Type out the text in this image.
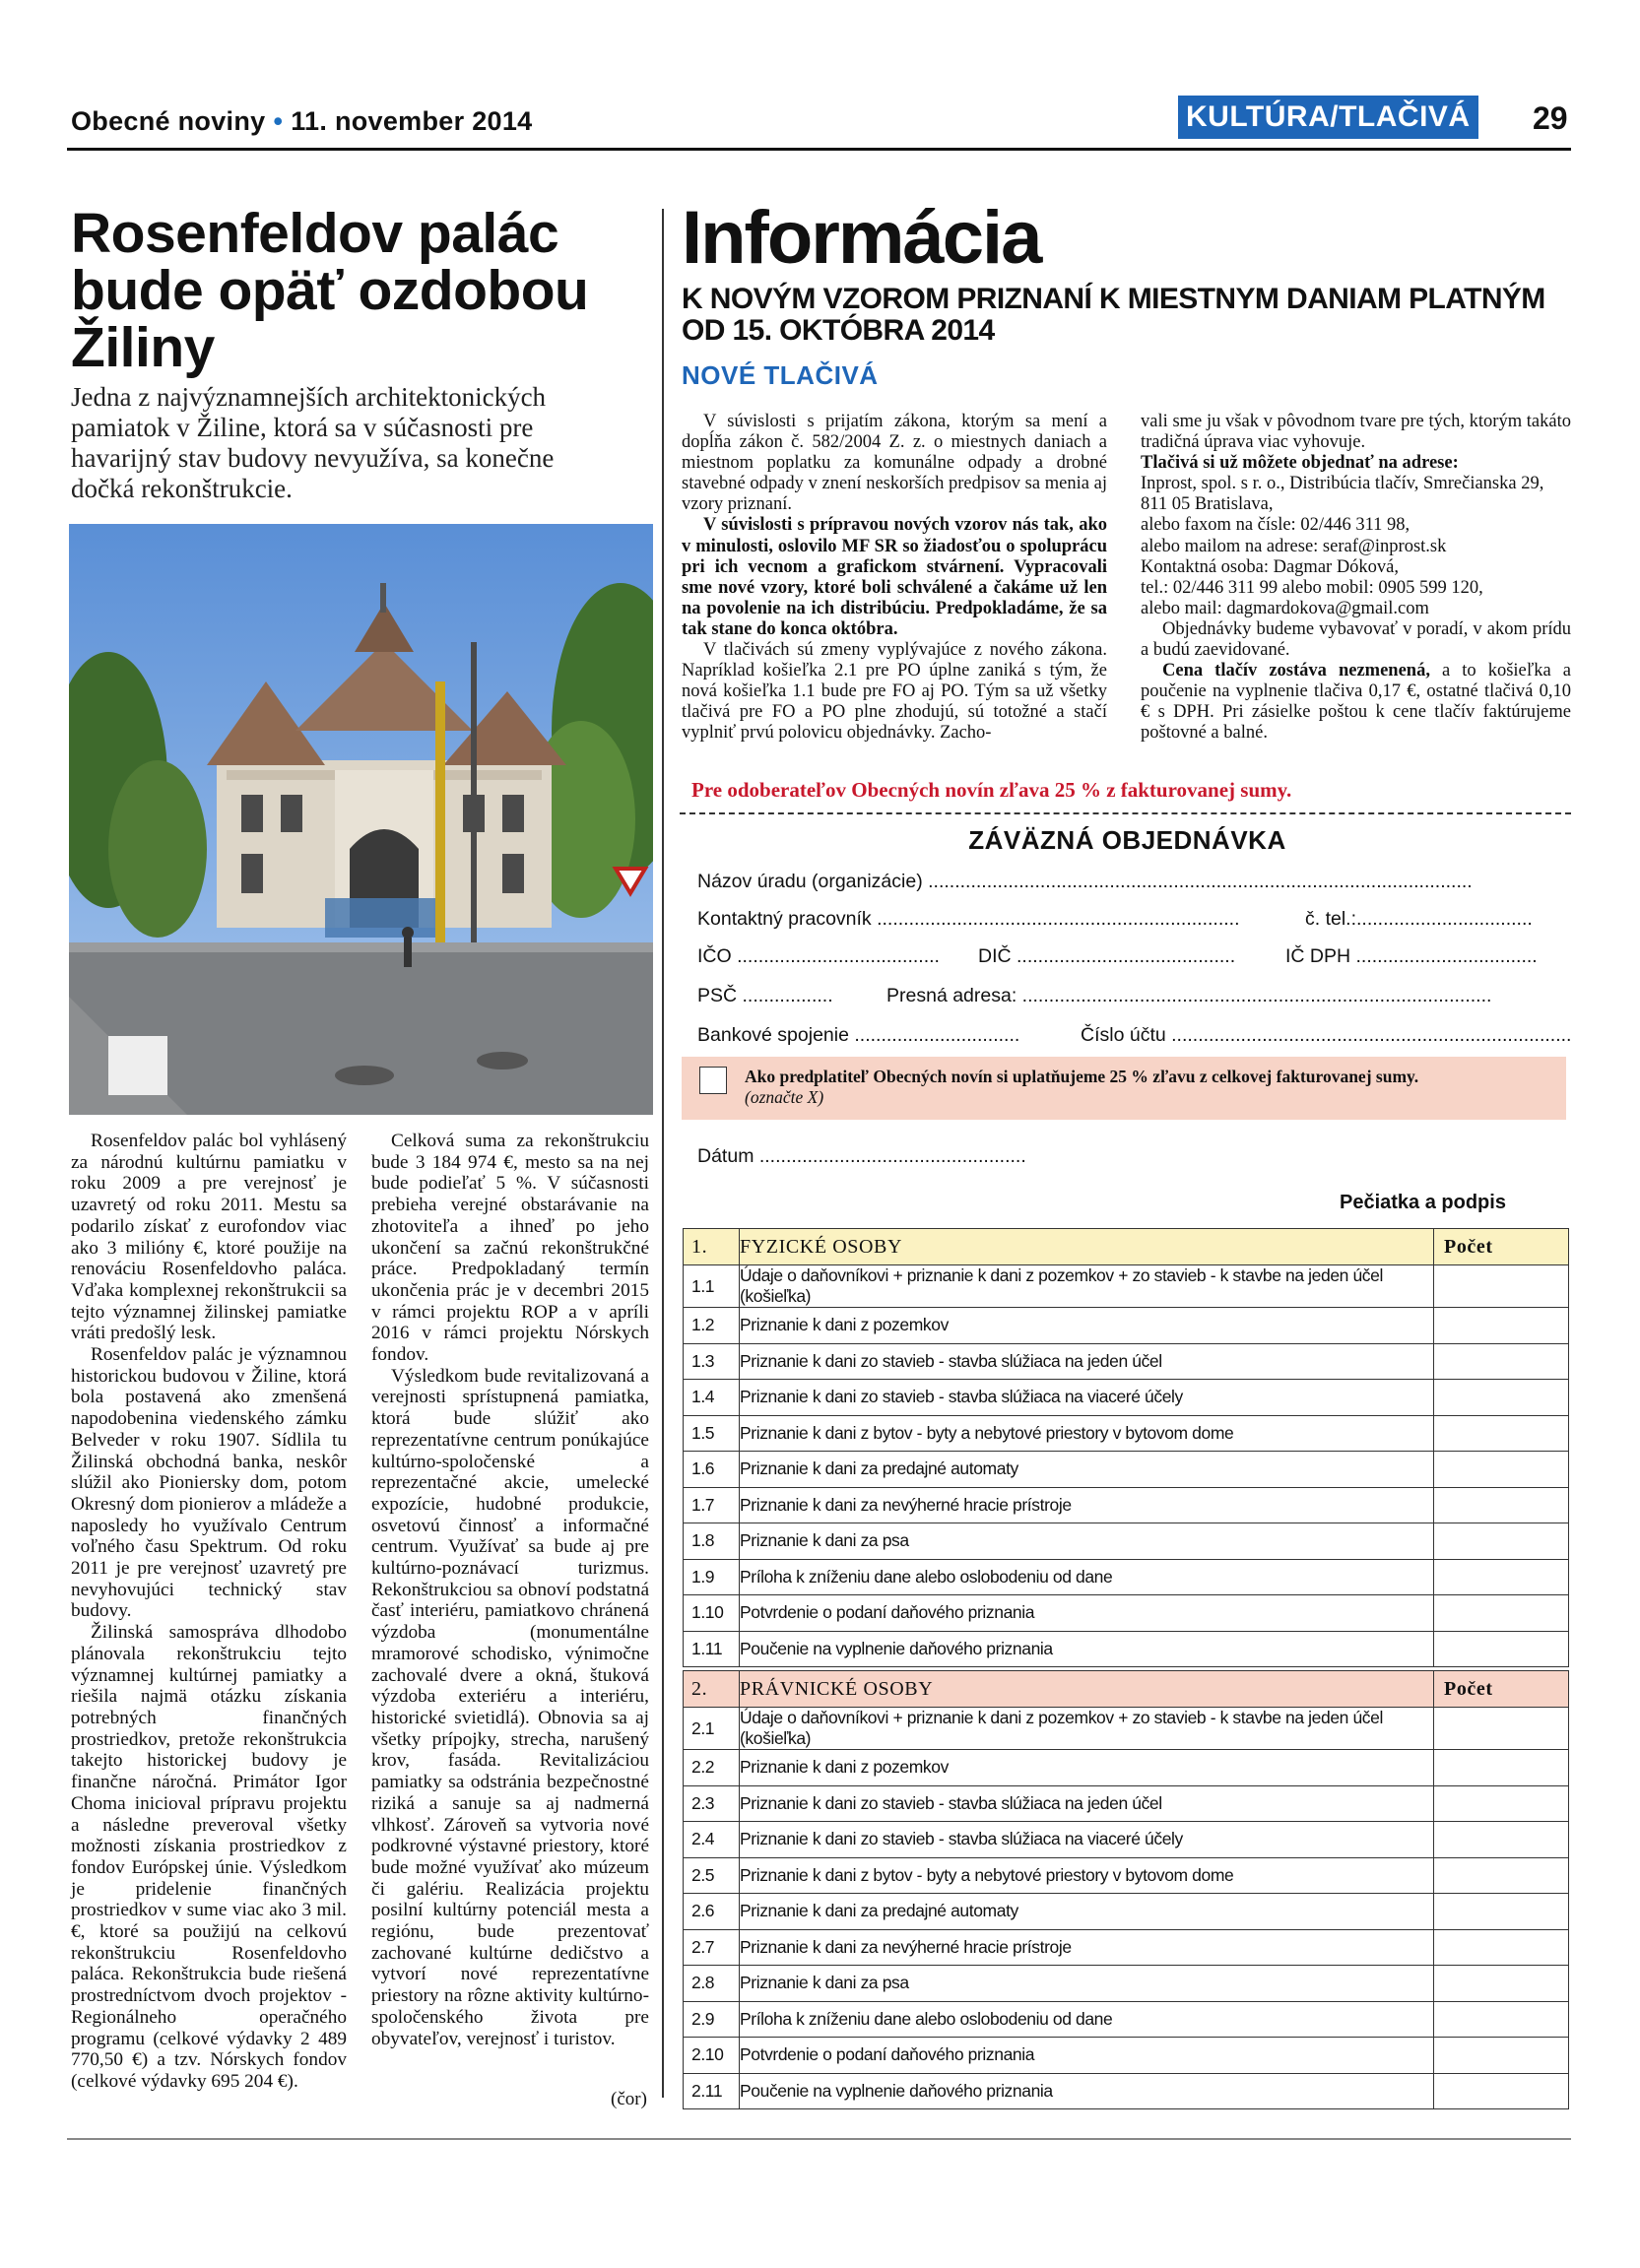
Obecné noviny • 11. november 2014	KULTÚRA/TLAČIVÁ 29
Rosenfeldov palác bude opäť ozdobou Žiliny
Jedna z najvýznamnejších architektonických pamiatok v Žiline, ktorá sa v súčasnosti pre havarijný stav budovy nevyužíva, sa konečne dočká rekonštrukcie.

Rosenfeldov palác bol vyhlásený za národnú kultúrnu pamiatku v roku 2009 a pre verejnosť je uzavretý od roku 2011. Mestu sa podarilo získať z eurofondov viac ako 3 milióny €, ktoré použije na renováciu Rosenfeldovho paláca. Vďaka komplexnej rekonštrukcii sa tejto významnej žilinskej pamiatke vráti predošlý lesk.

Rosenfeldov palác je významnou historickou budovou v Žiline, ktorá bola postavená ako zmenšená napodobenina viedenského zámku Belveder v roku 1907. Sídlila tu Žilinská obchodná banka, neskôr slúžil ako Pioniersky dom, potom Okresný dom pionierov a mládeže a naposledy ho využívalo Centrum voľného času Spektrum. Od roku 2011 je pre verejnosť uzavretý pre nevyhovujúci technický stav budovy.

Žilinská samospráva dlhodobo plánovala rekonštrukciu tejto významnej kultúrnej pamiatky a riešila najmä otázku získania potrebných finančných prostriedkov, pretože rekonštrukcia takejto historickej budovy je finančne náročná. Primátor Igor Choma inicioval prípravu projektu a následne preveroval všetky možnosti získania prostriedkov z fondov Európskej únie. Výsledkom je pridelenie finančných prostriedkov v sume viac ako 3 mil. €, ktoré sa použijú na celkovú rekonštrukciu Rosenfeldovho paláca. Rekonštrukcia bude riešená prostredníctvom dvoch projektov - Regionálneho operačného programu (celkové výdavky 2 489 770,50 €) a tzv. Nórskych fondov (celkové výdavky 695 204 €).

Celková suma za rekonštrukciu bude 3 184 974 €, mesto sa na nej bude podieľať 5 %. V súčasnosti prebieha verejné obstarávanie na zhotoviteľa a ihneď po jeho ukončení sa začnú rekonštrukčné práce. Predpokladaný termín ukončenia prác je v decembri 2015 v rámci projektu ROP a v apríli 2016 v rámci projektu Nórskych fondov.

Výsledkom bude revitalizovaná a verejnosti sprístupnená pamiatka, ktorá bude slúžiť ako reprezentatívne centrum ponúkajúce kultúrno-spoločenské a reprezentačné akcie, umelecké expozície, hudobné produkcie, osvetovú činnosť a informačné centrum. Využívať sa bude aj pre kultúrno-poznávací turizmus. Rekonštrukciou sa obnoví podstatná časť interiéru, pamiatkovo chránená výzdoba (monumentálne mramorové schodisko, výnimočne zachovalé dvere a okná, štuková výzdoba exteriéru a interiéru, historické svietidlá). Obnovia sa aj všetky prípojky, strecha, narušený krov, fasáda. Revitalizáciou pamiatky sa odstránia bezpečnostné riziká a sanuje sa aj nadmerná vlhkosť. Zároveň sa vytvoria nové podkrovné výstavné priestory, ktoré bude možné využívať ako múzeum či galériu. Realizácia projektu posilní kultúrny potenciál mesta a regiónu, bude prezentovať zachované kultúrne dedičstvo a vytvorí nové reprezentatívne priestory na rôzne aktivity kultúrno-spoločenského života pre obyvateľov, verejnosť i turistov.

(čor)
Informácia
K NOVÝM VZOROM PRIZNANÍ K MIESTNYM DANIAM PLATNÝM OD 15. OKTÓBRA 2014
NOVÉ TLAČIVÁ

V súvislosti s prijatím zákona, ktorým sa mení a dopĺňa zákon č. 582/2004 Z. z. o miestnych daniach a miestnom poplatku za komunálne odpady a drobné stavebné odpady v znení neskorších predpisov sa menia aj vzory priznaní.

V súvislosti s prípravou nových vzorov nás tak, ako v minulosti, oslovilo MF SR so žiadosťou o spoluprácu pri ich vecnom a grafickom stvárnení. Vypracovali sme nové vzory, ktoré boli schválené a čakáme už len na povolenie na ich distribúciu. Predpokladáme, že sa tak stane do konca októbra.

V tlačivách sú zmeny vyplývajúce z nového zákona. Napríklad košieľka 2.1 pre PO úplne zaniká s tým, že nová košieľka 1.1 bude pre FO aj PO. Tým sa už všetky tlačivá pre FO a PO plne zhodujú, sú totožné a stačí vyplniť prvú polovicu objednávky. Zacho-

vali sme ju však v pôvodnom tvare pre tých, ktorým takáto tradičná úprava viac vyhovuje.

Tlačivá si už môžete objednať na adrese:

Inprost, spol. s r. o., Distribúcia tlačív, Smrečianska 29,

811 05 Bratislava,

alebo faxom na čísle: 02/446 311 98,

alebo mailom na adrese: seraf@inprost.sk

Kontaktná osoba: Dagmar Dóková,

tel.: 02/446 311 99 alebo mobil: 0905 599 120,

alebo mail: dagmardokova@gmail.com

Objednávky budeme vybavovať v poradí, v akom prídu a budú zaevidované.

Cena tlačív zostáva nezmenená, a to košieľka a poučenie na vyplnenie tlačiva 0,17 €, ostatné tlačivá 0,10 € s DPH. Pri zásielke poštou k cene tlačív faktúrujeme poštovné a balné.

Pre odoberateľov Obecných novín zľava 25 % z fakturovanej sumy.
ZÁVÄZNÁ OBJEDNÁVKA
Názov úradu (organizácie) ......................................................................................................
Kontaktný pracovník ....................................................................	č. tel.:.................................
IČO ...................................... DIČ .........................................	IČ DPH ..................................
PSČ .................	Presná adresa: ........................................................................................
Bankové spojenie ...............................	Číslo účtu ...........................................................................
Ako predplatiteľ Obecných novín si uplatňujeme 25 % zľavu z celkovej fakturovanej sumy.
(označte X)
Dátum ..................................................
Pečiatka a podpis
1.	FYZICKÉ OSOBY	Počet
1.1	Údaje o daňovníkovi + priznanie k dani z pozemkov + zo stavieb - k stavbe na jeden účel (košieľka)	
1.2	Priznanie k dani z pozemkov	
1.3	Priznanie k dani zo stavieb - stavba slúžiaca na jeden účel	
1.4	Priznanie k dani zo stavieb - stavba slúžiaca na viaceré účely	
1.5	Priznanie k dani z bytov - byty a nebytové priestory v bytovom dome	
1.6	Priznanie k dani za predajné automaty	
1.7	Priznanie k dani za nevýherné hracie prístroje	
1.8	Priznanie k dani za psa	
1.9	Príloha k zníženiu dane alebo oslobodeniu od dane	
1.10	Potvrdenie o podaní daňového priznania	
1.11	Poučenie na vyplnenie daňového priznania	
2.	PRÁVNICKÉ OSOBY	Počet
2.1	Údaje o daňovníkovi + priznanie k dani z pozemkov + zo stavieb - k stavbe na jeden účel (košieľka)	
2.2	Priznanie k dani z pozemkov	
2.3	Priznanie k dani zo stavieb - stavba slúžiaca na jeden účel	
2.4	Priznanie k dani zo stavieb - stavba slúžiaca na viaceré účely	
2.5	Priznanie k dani z bytov - byty a nebytové priestory v bytovom dome	
2.6	Priznanie k dani za predajné automaty	
2.7	Priznanie k dani za nevýherné hracie prístroje	
2.8	Priznanie k dani za psa	
2.9	Príloha k zníženiu dane alebo oslobodeniu od dane	
2.10	Potvrdenie o podaní daňového priznania	
2.11	Poučenie na vyplnenie daňového priznania	
